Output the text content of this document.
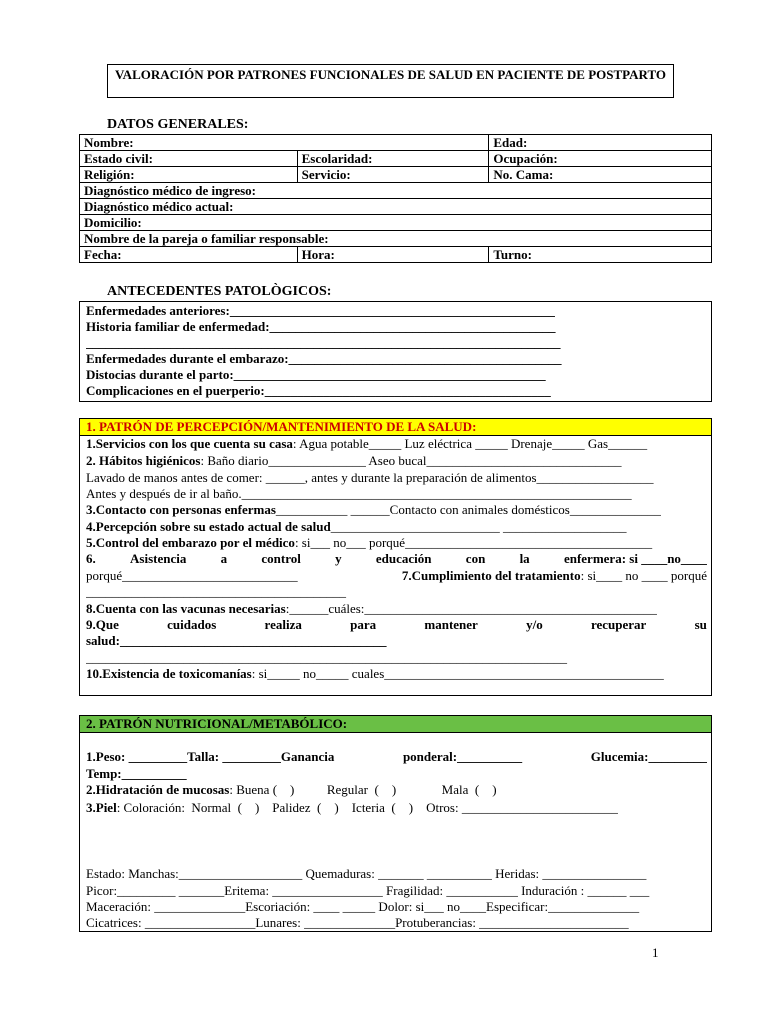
VALORACIÓN POR PATRONES FUNCIONALES DE SALUD EN PACIENTE DE POSTPARTO
DATOS GENERALES:
Nombre:		Edad:
Estado civil:	Escolaridad:	Ocupación:
Religión:	Servicio:	No. Cama:
Diagnóstico médico de ingreso:		
Diagnóstico médico actual:		
Domicilio:		
Nombre de la pareja o familiar responsable:		
Fecha:	Hora:	Turno:
ANTECEDENTES PATOLÒGICOS:
Enfermedades anteriores:__________________________________________________
Historia familiar de enfermedad:____________________________________________
_________________________________________________________________________
Enfermedades durante el embarazo:__________________________________________
Distocias durante el parto:________________________________________________
Complicaciones en el puerperio:____________________________________________
1. PATRÓN DE PERCEPCIÓN/MANTENIMIENTO DE LA SALUD:
1.Servicios con los que cuenta su casa: Agua potable_____ Luz eléctrica _____ Drenaje_____ Gas______
2. Hábitos higiénicos: Baño diario_______________ Aseo bucal______________________________
Lavado de manos antes de comer: ______, antes y durante la preparación de alimentos__________________
Antes y después de ir al baño.____________________________________________________________
3.Contacto con personas enfermas___________ ______Contacto con animales domésticos______________
4.Percepción sobre su estado actual de salud__________________________ ___________________
5.Control del embarazo por el médico: si___ no___ porqué______________________________________
6.	Asistencia	a	control	y	educación	con	la	enfermera: si ____no____
porqué___________________________	7.Cumplimiento del tratamiento: si____ no ____ porqué
________________________________________
8.Cuenta con las vacunas necesarias:______cuáles:_____________________________________________
9.Que	cuidados	realiza	para	mantener	y/o	recuperar	su
salud:_________________________________________
__________________________________________________________________________
10.Existencia de toxicomanías: si_____ no_____ cuales___________________________________________
2. PATRÓN NUTRICIONAL/METABÓLICO:
1.Peso: _________Talla: _________Ganancia	ponderal:__________	Glucemia:_________
Temp:__________
2.Hidratación de mucosas: Buena (    )          Regular  (    )              Mala  (    )
3.Piel: Coloración:  Normal  (    )    Palidez  (    )    Icteria  (    )    Otros: ________________________
Estado: Manchas:___________________ Quemaduras: _______ __________ Heridas: ________________
Picor:_________ _______Eritema: _________________ Fragilidad: ___________ Induración : ______ ___
Maceración: ______________Escoriación: ____ _____ Dolor: si___ no____Especificar:______________
Cicatrices: _________________Lunares: ______________Protuberancias: _______________________
1
